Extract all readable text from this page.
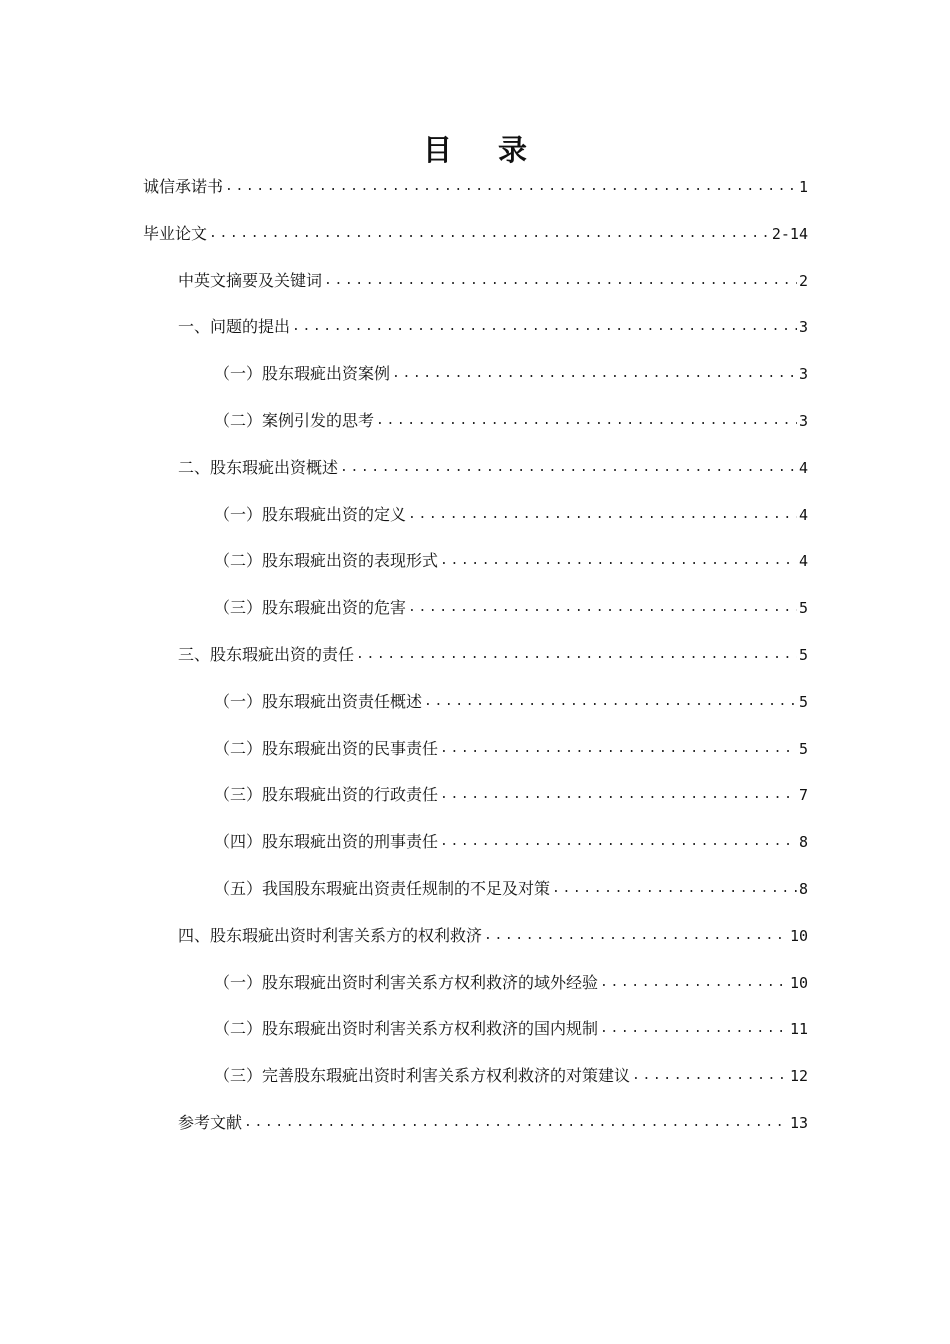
目 录
诚信承诺书 .....	1
毕业论文 .....	2-14
中英文摘要及关键词 .....	2
一、问题的提出 .....	3
（一）股东瑕疵出资案例 .....	3
（二）案例引发的思考 .....	3
二、股东瑕疵出资概述 .....	4
（一）股东瑕疵出资的定义 .....	4
（二）股东瑕疵出资的表现形式 .....	4
（三）股东瑕疵出资的危害 .....	5
三、股东瑕疵出资的责任 .....	5
（一）股东瑕疵出资责任概述 .....	5
（二）股东瑕疵出资的民事责任 .....	5
（三）股东瑕疵出资的行政责任 .....	7
（四）股东瑕疵出资的刑事责任 .....	8
（五）我国股东瑕疵出资责任规制的不足及对策 .....	8
四、股东瑕疵出资时利害关系方的权利救济 .....	10
（一）股东瑕疵出资时利害关系方权利救济的域外经验 .....	10
（二）股东瑕疵出资时利害关系方权利救济的国内规制 .....	11
（三）完善股东瑕疵出资时利害关系方权利救济的对策建议 .....	12
参考文献 .....	13
